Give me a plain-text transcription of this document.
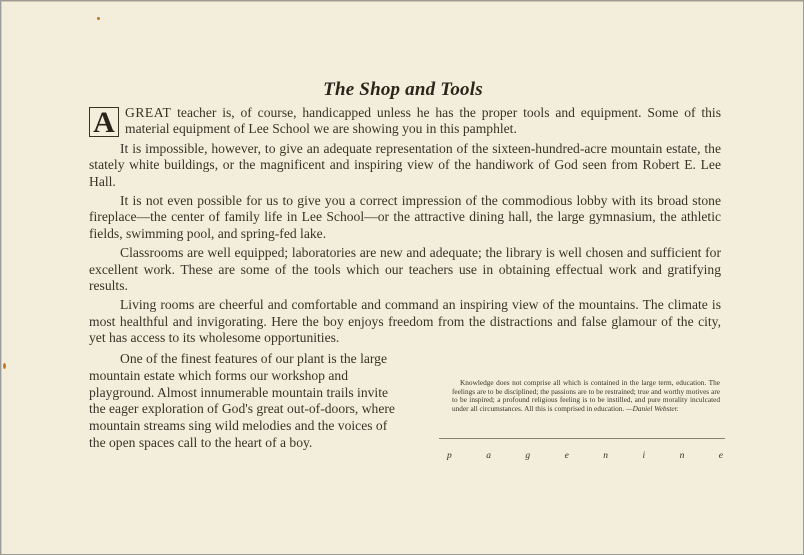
The Shop and Tools

A GREAT teacher is, of course, handicapped unless he has the proper tools and equipment. Some of this material equipment of Lee School we are showing you in this pamphlet.

It is impossible, however, to give an adequate representation of the sixteen-hundred-acre mountain estate, the stately white buildings, or the magnificent and inspiring view of the handiwork of God seen from Robert E. Lee Hall.

It is not even possible for us to give you a correct impression of the commodious lobby with its broad stone fireplace—the center of family life in Lee School—or the attractive dining hall, the large gymnasium, the athletic fields, swimming pool, and spring-fed lake.

Classrooms are well equipped; laboratories are new and adequate; the library is well chosen and sufficient for excellent work. These are some of the tools which our teachers use in obtaining effectual work and gratifying results.

Living rooms are cheerful and comfortable and command an inspiring view of the mountains. The climate is most healthful and invigorating. Here the boy enjoys freedom from the distractions and false glamour of the city, yet has access to its wholesome opportunities.

One of the finest features of our plant is the large mountain estate which forms our workshop and playground. Almost innumerable mountain trails invite the eager exploration of God's great out-of-doors, where mountain streams sing wild melodies and the voices of the open spaces call to the heart of a boy.

Knowledge does not comprise all which is contained in the large term, education. The feelings are to be disciplined; the passions are to be restrained; true and worthy motives are to be inspired; a profound religious feeling is to be instilled, and pure morality inculcated under all circumstances. All this is comprised in education. —Daniel Webster.
p	a	g	e	n	i	n	e
